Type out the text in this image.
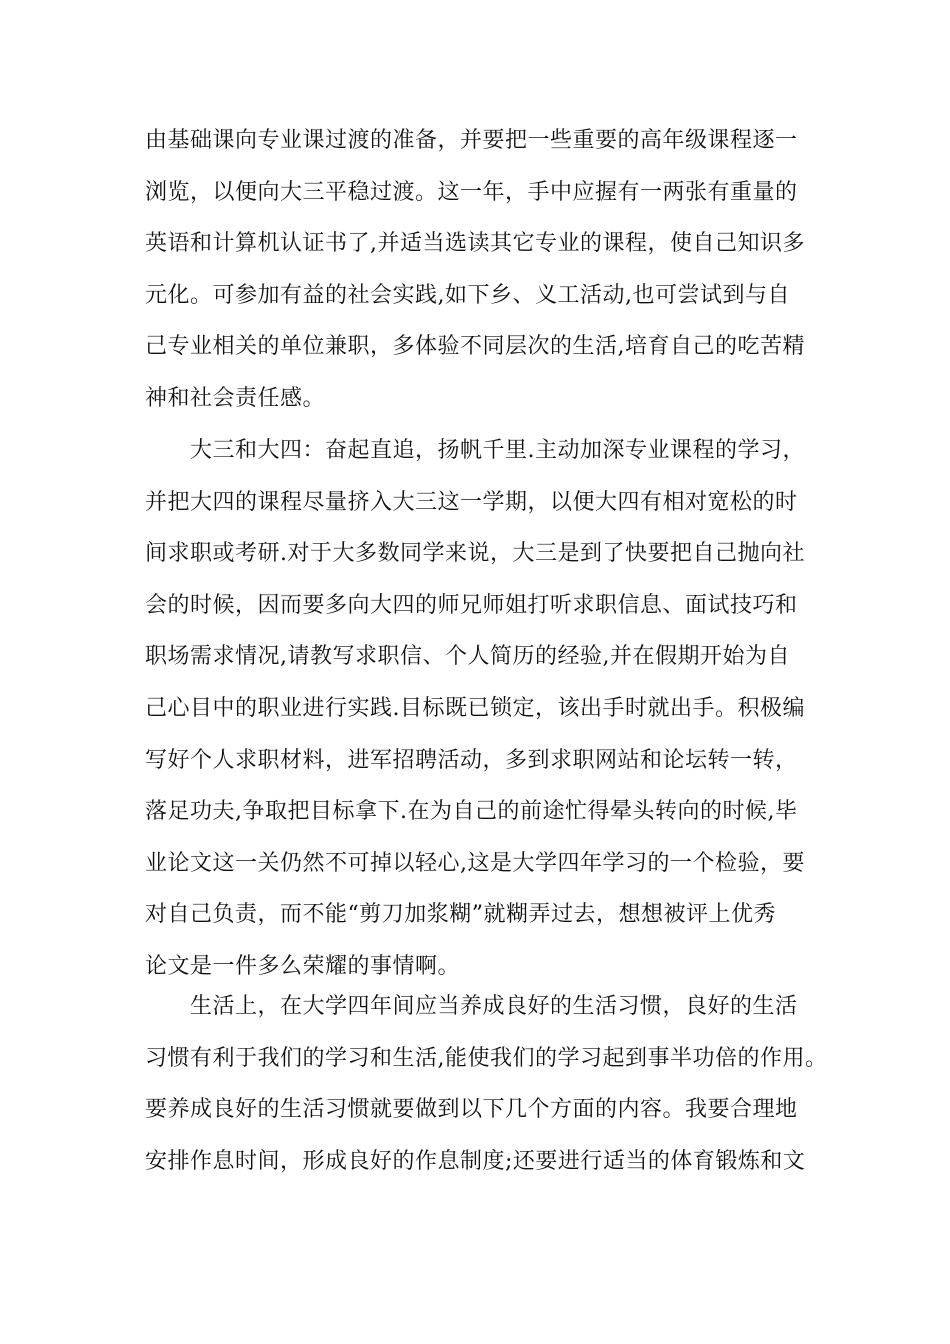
由基础课向专业课过渡的准备，并要把一些重要的高年级课程逐一
浏览，以便向大三平稳过渡。这一年，手中应握有一两张有重量的
英语和计算机认证书了,并适当选读其它专业的课程，使自己知识多
元化。可参加有益的社会实践,如下乡、义工活动,也可尝试到与自
己专业相关的单位兼职，多体验不同层次的生活,培育自己的吃苦精
神和社会责任感。
　　大三和大四：奋起直追，扬帆千里.主动加深专业课程的学习，
并把大四的课程尽量挤入大三这一学期，以便大四有相对宽松的时
间求职或考研.对于大多数同学来说，大三是到了快要把自己抛向社
会的时候，因而要多向大四的师兄师姐打听求职信息、面试技巧和
职场需求情况,请教写求职信、个人简历的经验,并在假期开始为自
己心目中的职业进行实践.目标既已锁定，该出手时就出手。积极编
写好个人求职材料，进军招聘活动，多到求职网站和论坛转一转，
落足功夫,争取把目标拿下.在为自己的前途忙得晕头转向的时候,毕
业论文这一关仍然不可掉以轻心,这是大学四年学习的一个检验，要
对自己负责，而不能“剪刀加浆糊”就糊弄过去，想想被评上优秀
论文是一件多么荣耀的事情啊。
　　生活上，在大学四年间应当养成良好的生活习惯，良好的生活
习惯有利于我们的学习和生活,能使我们的学习起到事半功倍的作用。
要养成良好的生活习惯就要做到以下几个方面的内容。我要合理地
安排作息时间，形成良好的作息制度;还要进行适当的体育锻炼和文
